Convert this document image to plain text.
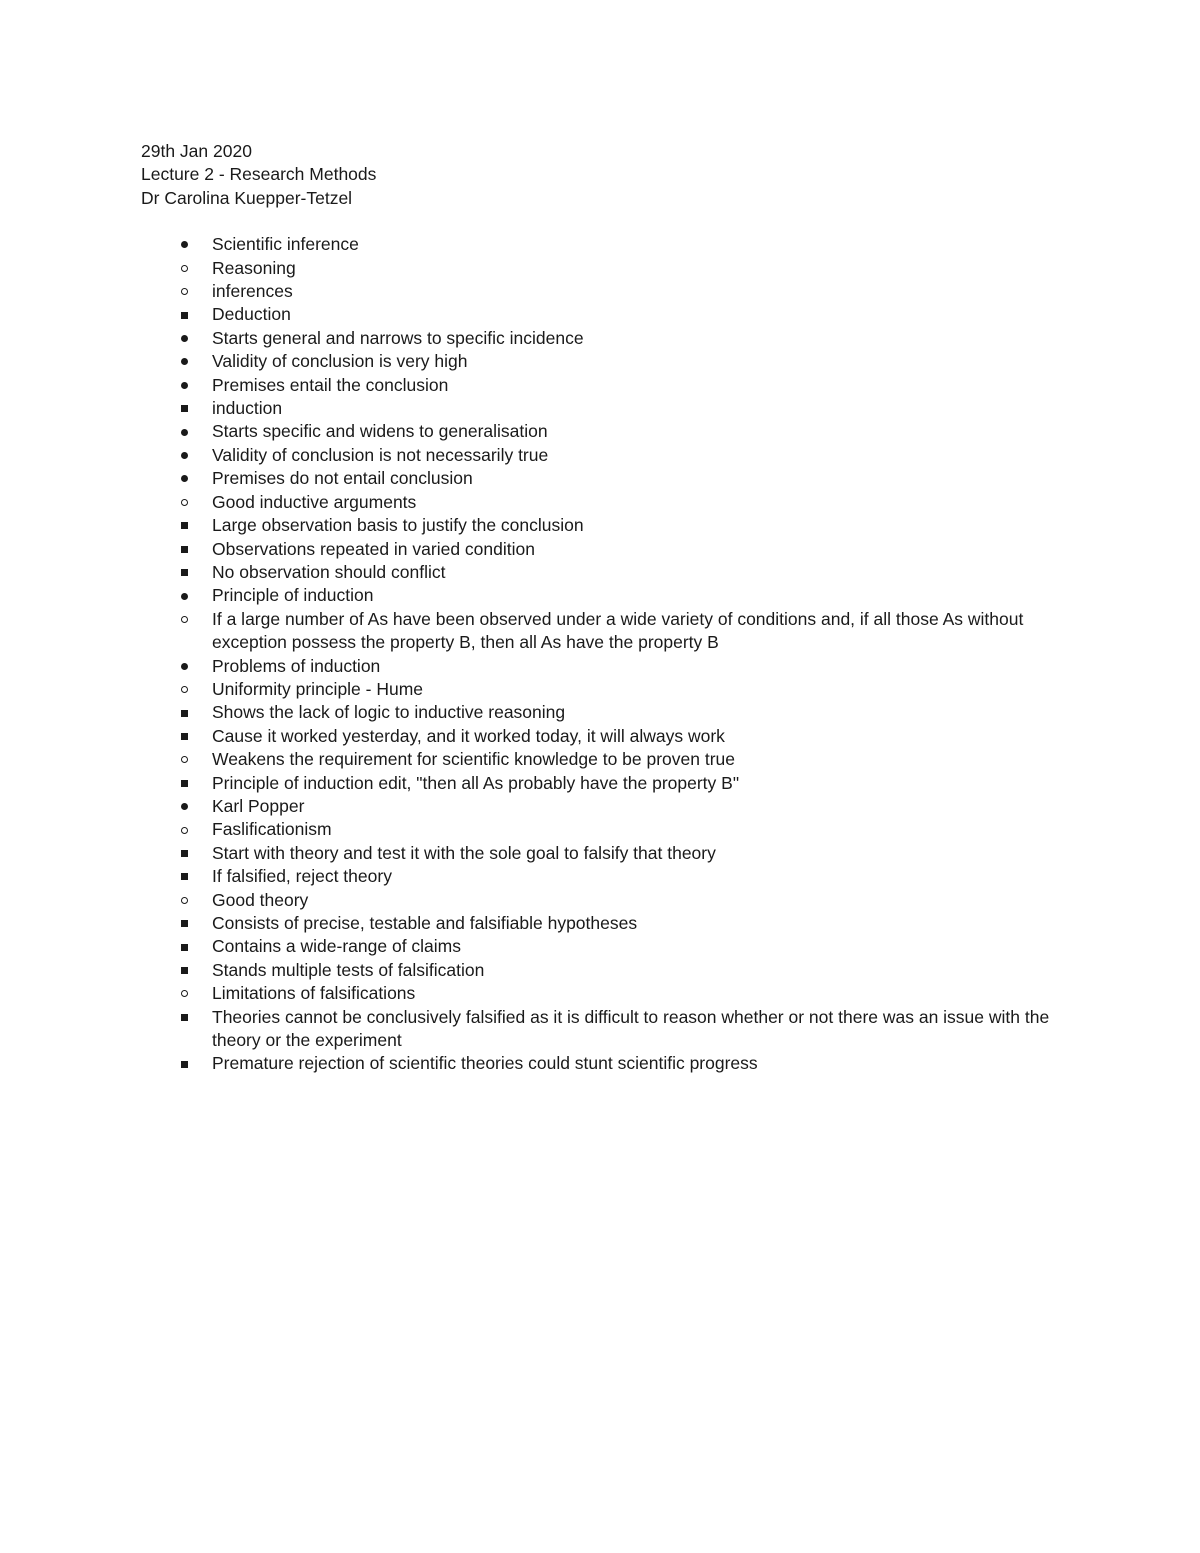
29th Jan 2020
Lecture 2 - Research Methods
Dr Carolina Kuepper-Tetzel
Scientific inference
Reasoning
inferences
Deduction
Starts general and narrows to specific incidence
Validity of conclusion is very high
Premises entail the conclusion
induction
Starts specific and widens to generalisation
Validity of conclusion is not necessarily true
Premises do not entail conclusion
Good inductive arguments
Large observation basis to justify the conclusion
Observations repeated in varied condition
No observation should conflict
Principle of induction
If a large number of As have been observed under a wide variety of conditions and, if all those As without exception possess the property B, then all As have the property B
Problems of induction
Uniformity principle - Hume
Shows the lack of logic to inductive reasoning
Cause it worked yesterday, and it worked today, it will always work
Weakens the requirement for scientific knowledge to be proven true
Principle of induction edit, "then all As probably have the property B"
Karl Popper
Faslificationism
Start with theory and test it with the sole goal to falsify that theory
If falsified, reject theory
Good theory
Consists of precise, testable and falsifiable hypotheses
Contains a wide-range of claims
Stands multiple tests of falsification
Limitations of falsifications
Theories cannot be conclusively falsified as it is difficult to reason whether or not there was an issue with the theory or the experiment
Premature rejection of scientific theories could stunt scientific progress
